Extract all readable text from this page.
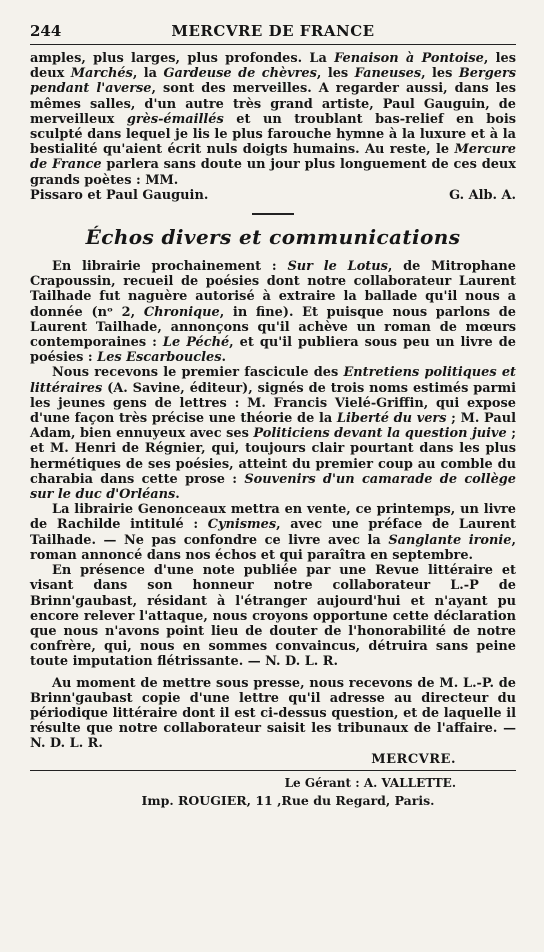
244	MERCVRE DE FRANCE

amples, plus larges, plus profondes. La Fenaison à Pontoise, les deux Marchés, la Gardeuse de chèvres, les Faneuses, les Bergers pendant l'averse, sont des merveilles. A regarder aussi, dans les mêmes salles, d'un autre très grand artiste, Paul Gauguin, de merveilleux grès-émaillés et un troublant bas-relief en bois sculpté dans lequel je lis le plus farouche hymne à la luxure et à la bestialité qu'aient écrit nuls doigts humains. Au reste, le Mercure de France parlera sans doute un jour plus longuement de ces deux grands poètes : MM.

Pissaro et Paul Gauguin.	G. Alb. A.
Échos divers et communications

En librairie prochainement : Sur le Lotus, de Mitrophane Crapoussin, recueil de poésies dont notre collaborateur Laurent Tailhade fut naguère autorisé à extraire la ballade qu'il nous a donnée (nᵒ 2, Chronique, in fine). Et puisque nous parlons de Laurent Tailhade, annonçons qu'il achève un roman de mœurs contemporaines : Le Péché, et qu'il publiera sous peu un livre de poésies : Les Escarboucles.

Nous recevons le premier fascicule des Entretiens politiques et littéraires (A. Savine, éditeur), signés de trois noms estimés parmi les jeunes gens de lettres : M. Francis Vielé-Griffin, qui expose d'une façon très précise une théorie de la Liberté du vers ; M. Paul Adam, bien ennuyeux avec ses Politiciens devant la question juive ; et M. Henri de Régnier, qui, toujours clair pourtant dans les plus hermétiques de ses poésies, atteint du premier coup au comble du charabia dans cette prose : Souvenirs d'un camarade de collège sur le duc d'Orléans.

La librairie Genonceaux mettra en vente, ce printemps, un livre de Rachilde intitulé : Cynismes, avec une préface de Laurent Tailhade. — Ne pas confondre ce livre avec la Sanglante ironie, roman annoncé dans nos échos et qui paraîtra en septembre.

En présence d'une note publiée par une Revue littéraire et visant dans son honneur notre collaborateur L.-P de Brinn'gaubast, résidant à l'étranger aujourd'hui et n'ayant pu encore relever l'attaque, nous croyons opportune cette déclaration que nous n'avons point lieu de douter de l'honorabilité de notre confrère, qui, nous en sommes convaincus, détruira sans peine toute imputation flétrissante. — N. D. L. R.

Au moment de mettre sous presse, nous recevons de M. L.-P. de Brinn'gaubast copie d'une lettre qu'il adresse au directeur du périodique littéraire dont il est ci-dessus question, et de laquelle il résulte que notre collaborateur saisit les tribunaux de l'affaire. — N. D. L. R.

MERCVRE.
Le Gérant : A. VALLETTE.
Imp. ROUGIER, 11 ,Rue du Regard, Paris.
